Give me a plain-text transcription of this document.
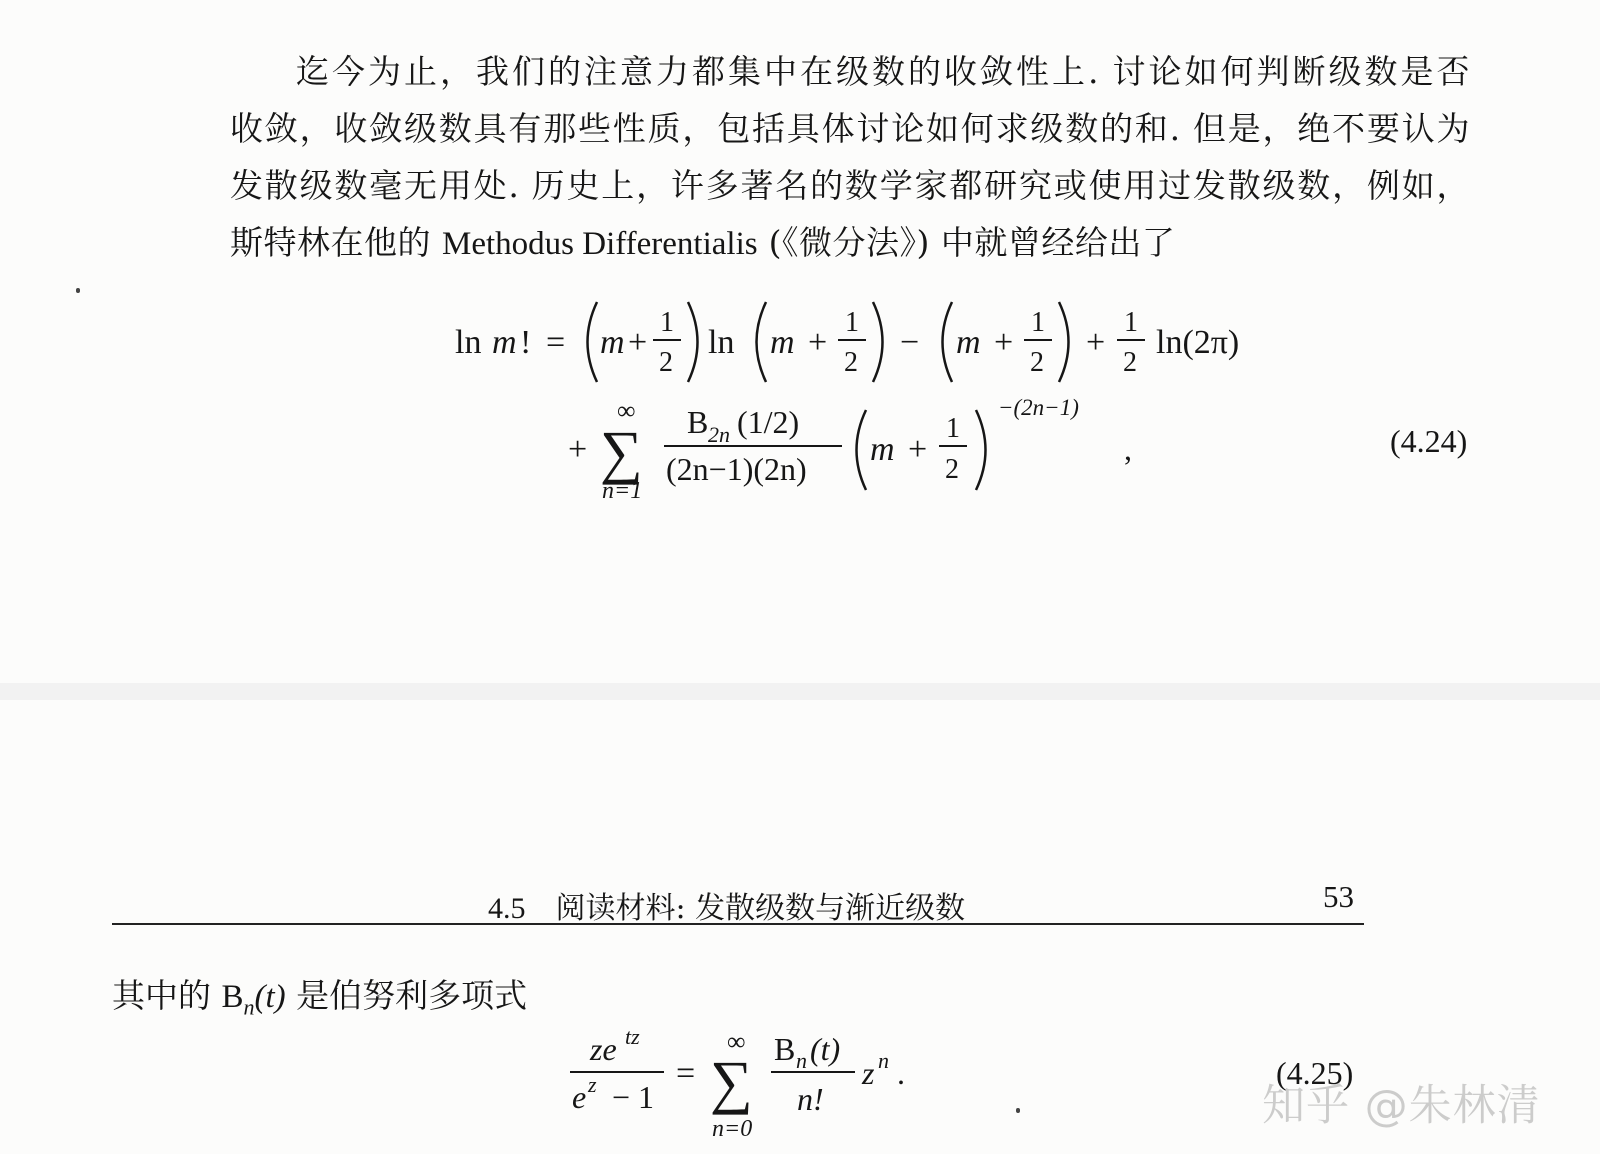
迄今为止，我们的注意力都集中在级数的收敛性上. 讨论如何判断级数是否
收敛，收敛级数具有那些性质，包括具体讨论如何求级数的和. 但是，绝不要认为
发散级数毫无用处. 历史上，许多著名的数学家都研究或使用过发散级数，例如，
斯特林在他的 Methodus Differentialis (《微分法》) 中就曾经给出了
ln m ! = m +
1
2
ln m +
1
2
− m +
1
2
+
1
2
ln(2π)
+
∞
∑
n=1
B 2n (1/2)
(2n−1)(2n)
m +
1
2
−(2n−1)
,	(4.24)
4.5 阅读材料: 发散级数与渐近级数	53
其中的 $B_n(t)$ 是伯努利多项式
ze tz
e z − 1
=
∞
∑
n=0
B n (t)
n!
z n .	(4.25)
知乎 @朱林清
